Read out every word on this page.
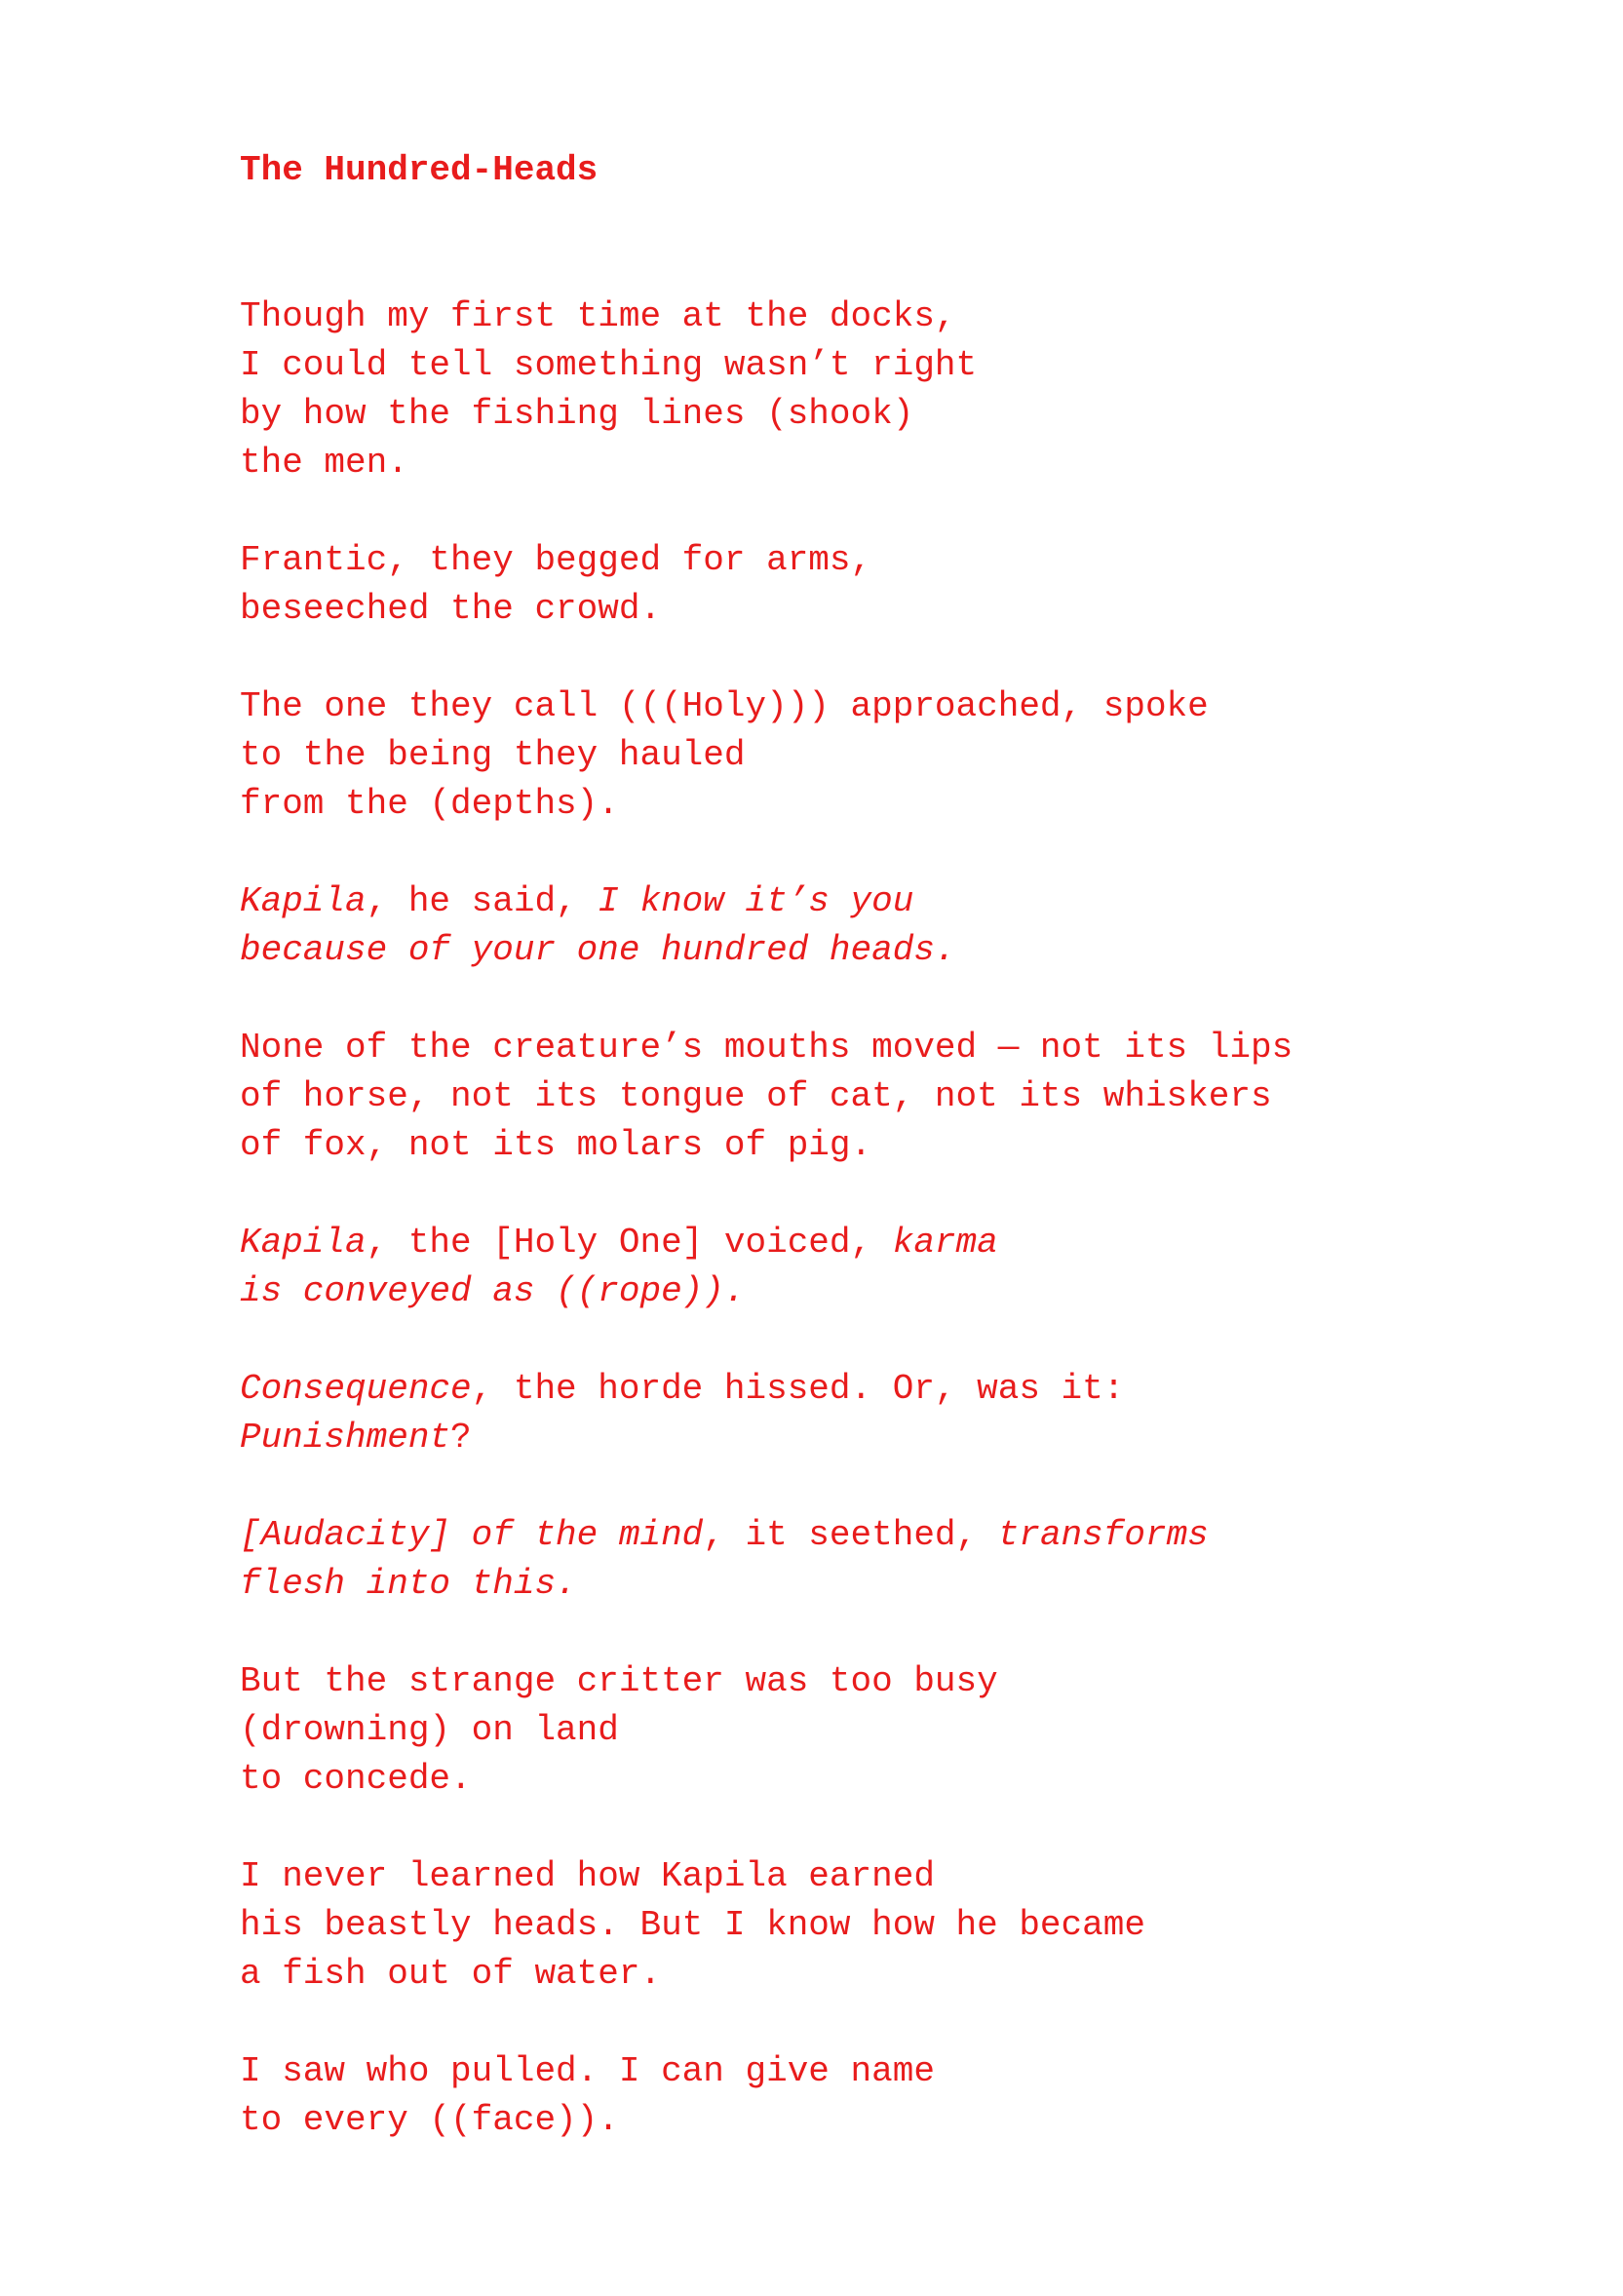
The Hundred-Heads
Though my first time at the docks,
I could tell something wasn’t right
by how the fishing lines (shook)
the men.
Frantic, they begged for arms,
beseeched the crowd.
The one they call (((Holy))) approached, spoke
to the being they hauled
from the (depths).
Kapila, he said, I know it’s you
because of your one hundred heads.
None of the creature’s mouths moved — not its lips
of horse, not its tongue of cat, not its whiskers
of fox, not its molars of pig.
Kapila, the [Holy One] voiced, karma
is conveyed as ((rope)).
Consequence, the horde hissed. Or, was it:
Punishment?
[Audacity] of the mind, it seethed, transforms
flesh into this.
But the strange critter was too busy
(drowning) on land
to concede.
I never learned how Kapila earned
his beastly heads. But I know how he became
a fish out of water.
I saw who pulled. I can give name
to every ((face)).
